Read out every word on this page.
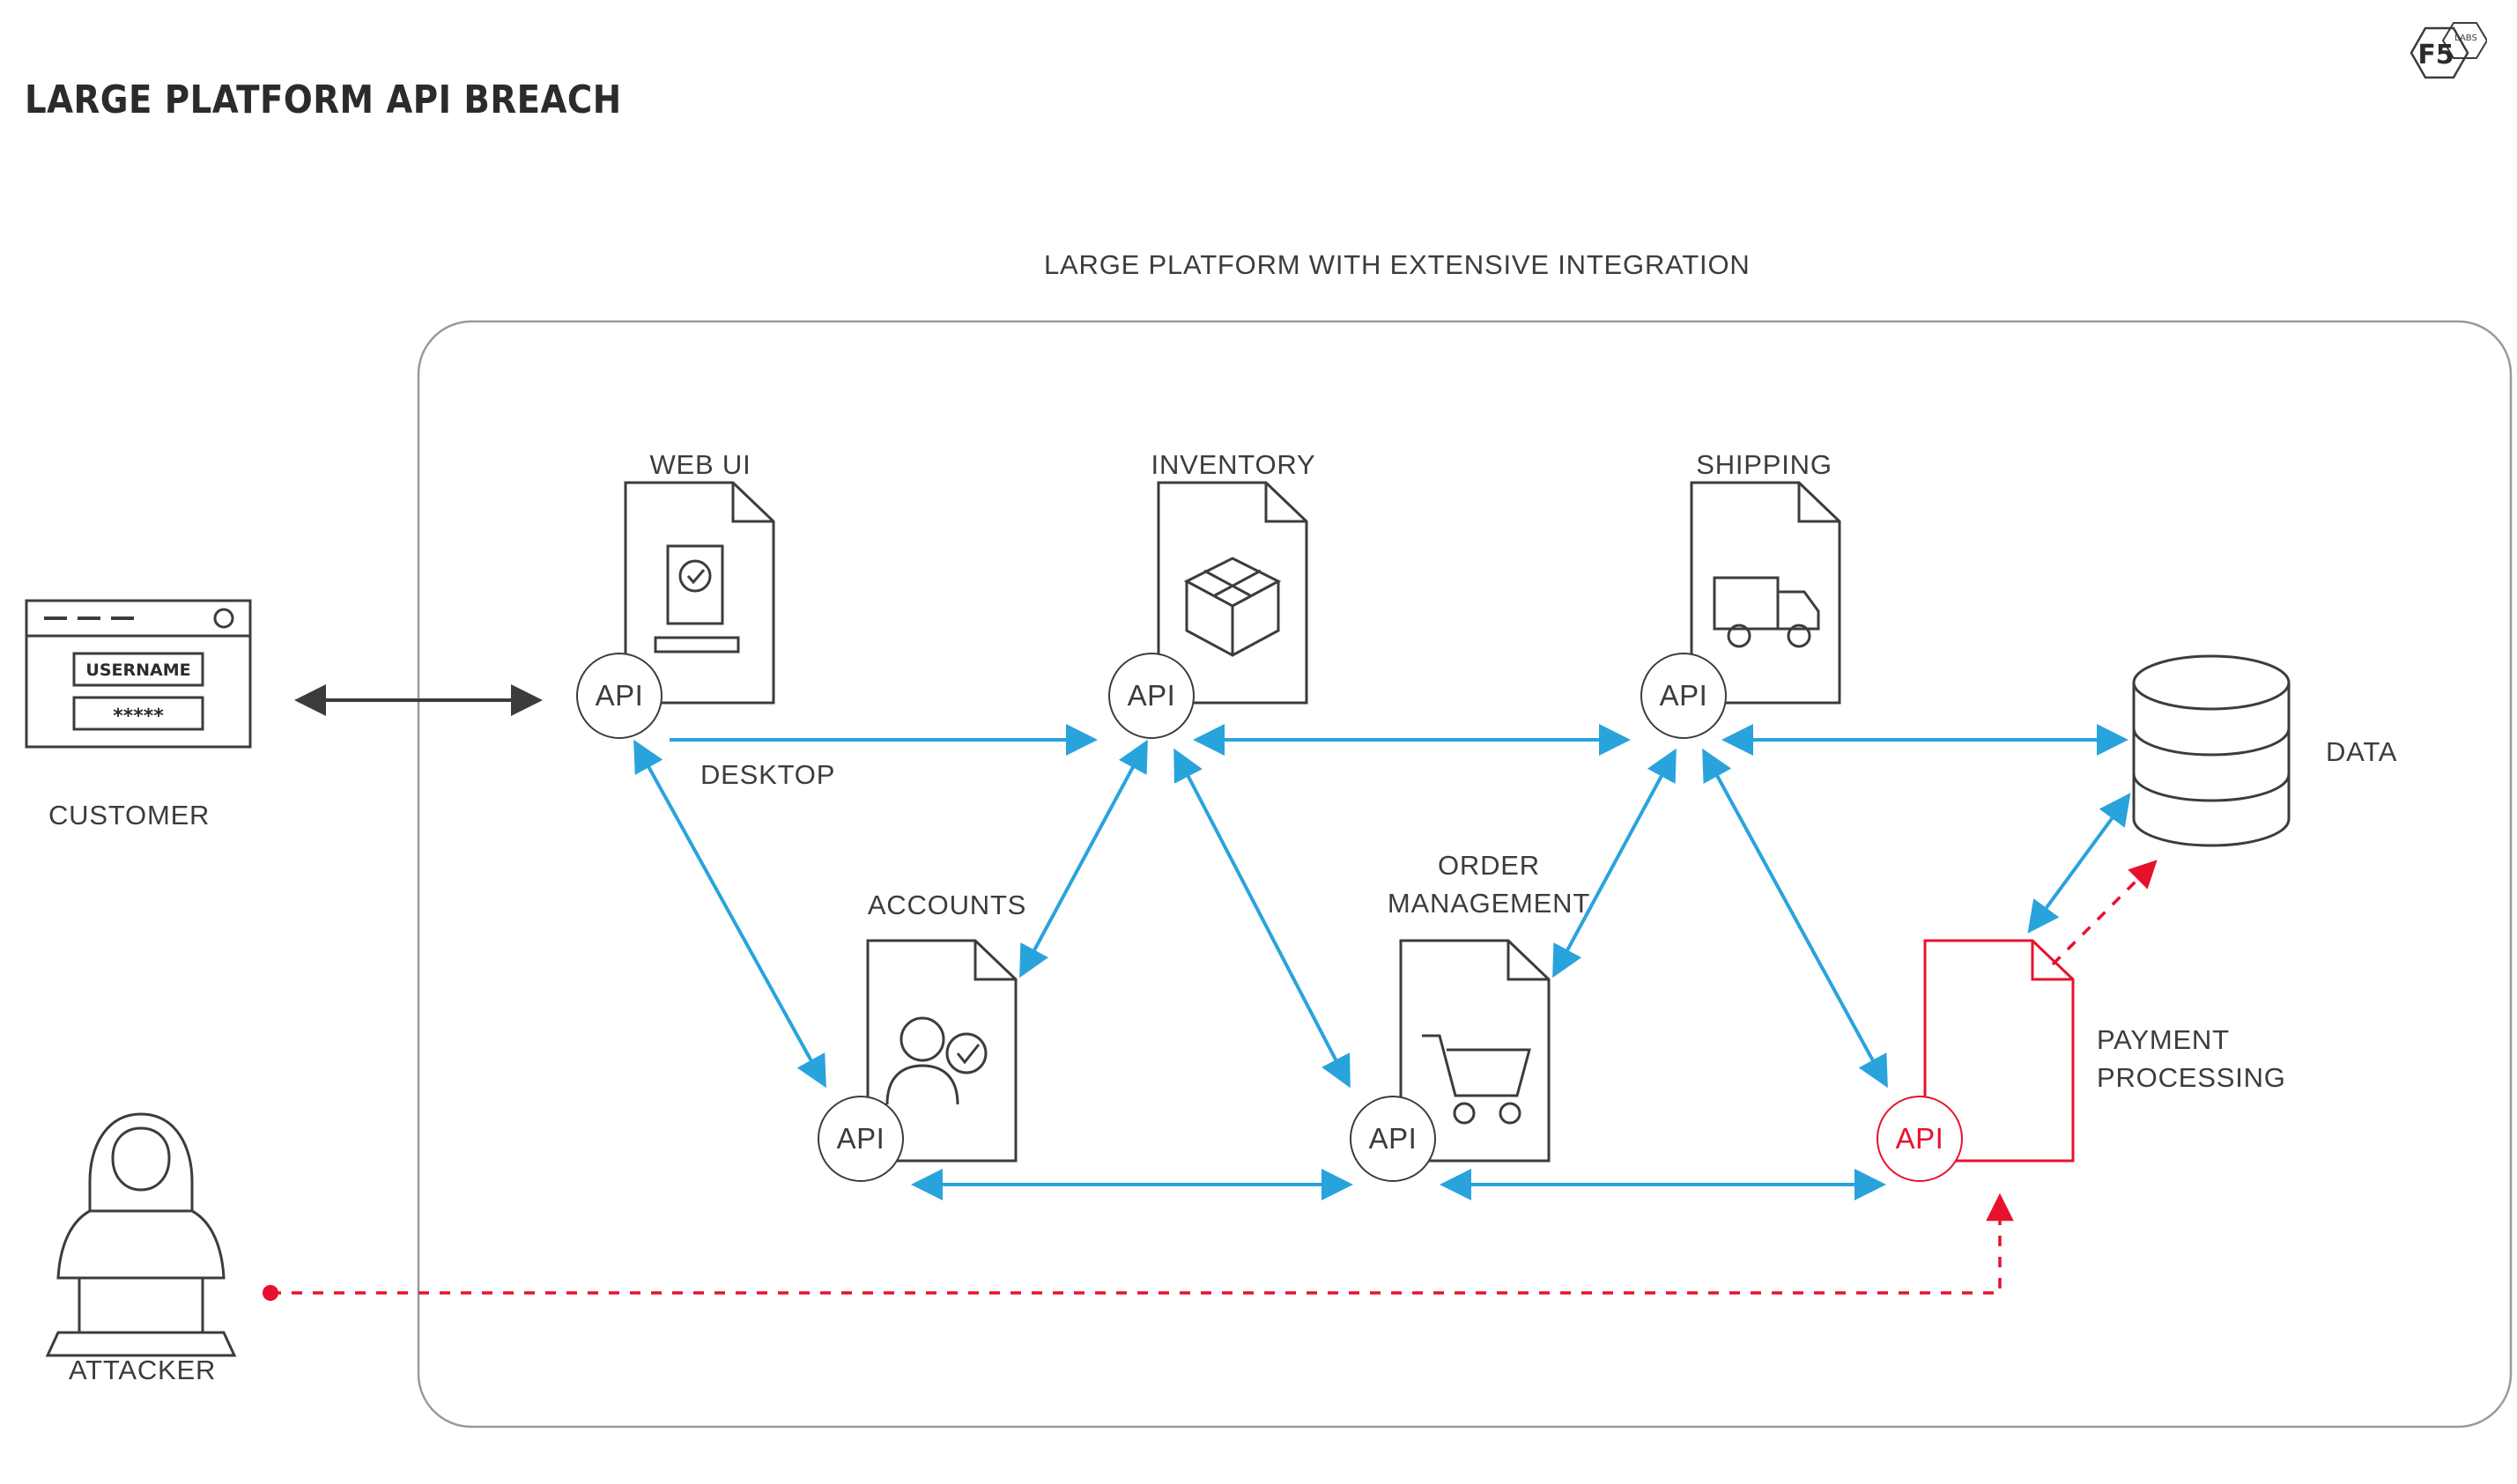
LARGE PLATFORM API BREACH
F5
LABS
LARGE PLATFORM WITH EXTENSIVE INTEGRATION
USERNAME
*****
CUSTOMER
ATTACKER
DATA
WEB UI	INVENTORY	SHIPPING
ACCOUNTS
ORDER
MANAGEMENT
PAYMENT
PROCESSING
DESKTOP
API	API	API
API	API	API
